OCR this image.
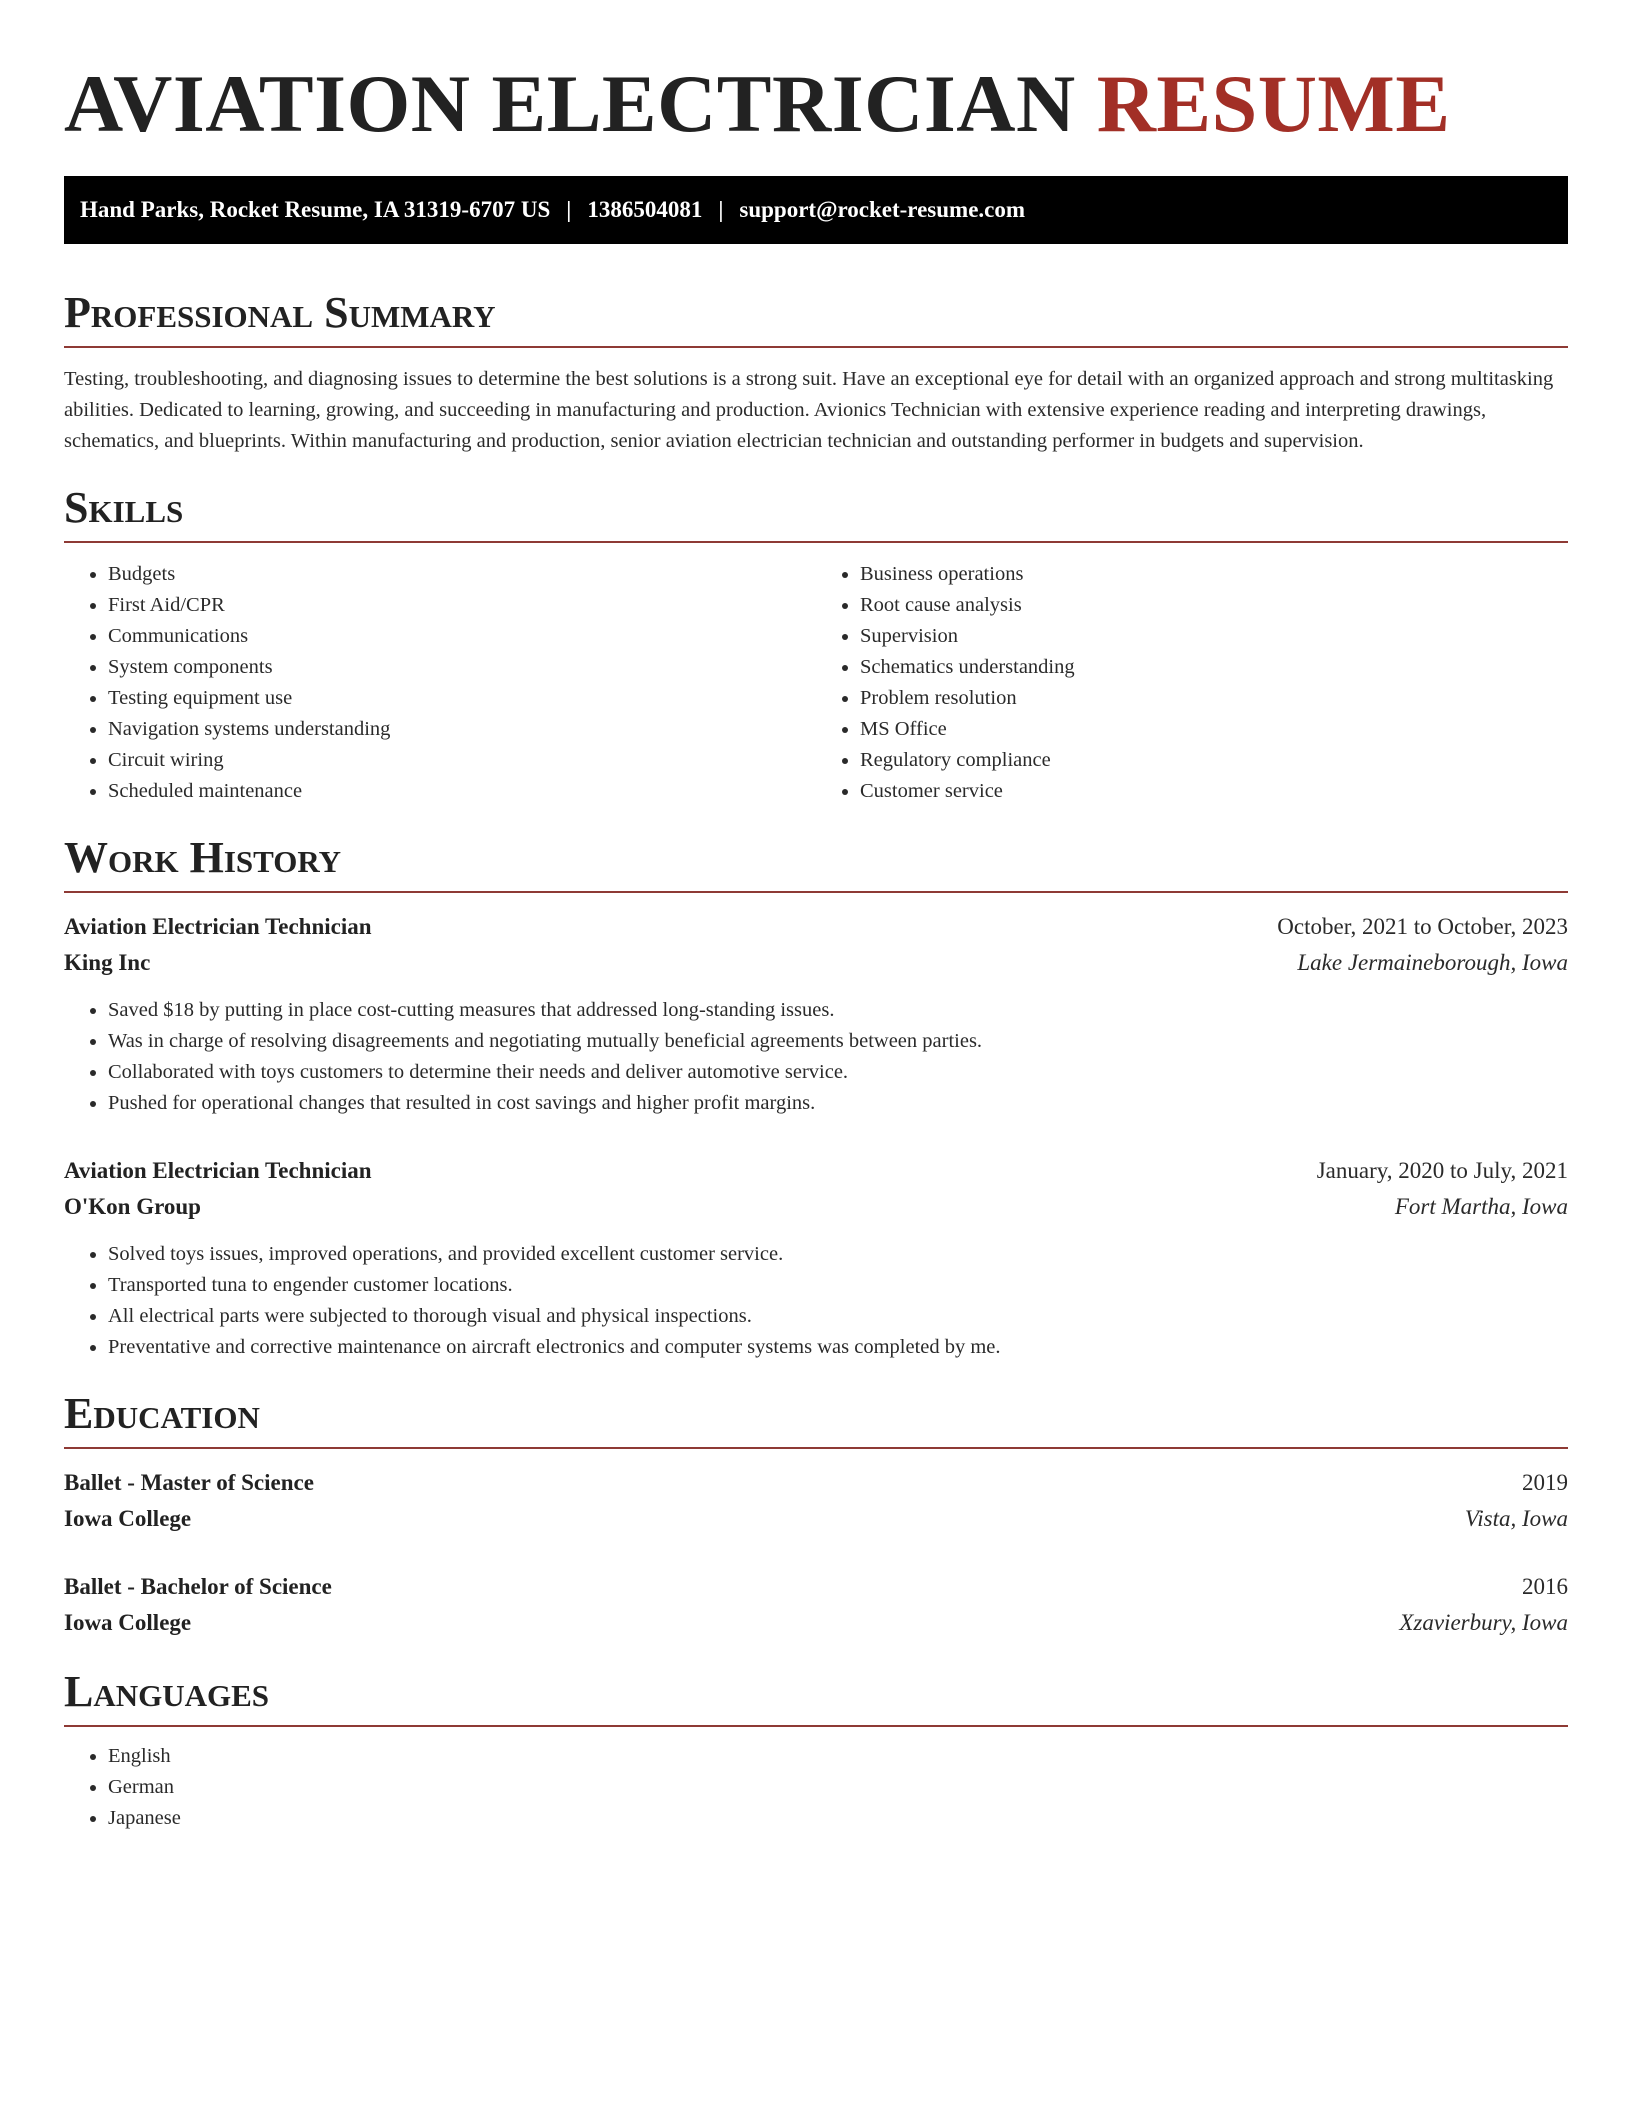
AVIATION ELECTRICIAN RESUME
Hand Parks, Rocket Resume, IA 31319-6707 US | 1386504081 | support@rocket-resume.com
Professional Summary

Testing, troubleshooting, and diagnosing issues to determine the best solutions is a strong suit. Have an exceptional eye for detail with an organized approach and strong multitasking abilities. Dedicated to learning, growing, and succeeding in manufacturing and production. Avionics Technician with extensive experience reading and interpreting drawings, schematics, and blueprints. Within manufacturing and production, senior aviation electrician technician and outstanding performer in budgets and supervision.

Skills
• Budgets
• First Aid/CPR
• Communications
• System components
• Testing equipment use
• Navigation systems understanding
• Circuit wiring
• Scheduled maintenance
• Business operations
• Root cause analysis
• Supervision
• Schematics understanding
• Problem resolution
• MS Office
• Regulatory compliance
• Customer service
Work History
Aviation Electrician Technician	October, 2021 to October, 2023
King Inc	Lake Jermaineborough, Iowa
• Saved $18 by putting in place cost-cutting measures that addressed long-standing issues.
• Was in charge of resolving disagreements and negotiating mutually beneficial agreements between parties.
• Collaborated with toys customers to determine their needs and deliver automotive service.
• Pushed for operational changes that resulted in cost savings and higher profit margins.
Aviation Electrician Technician	January, 2020 to July, 2021
O'Kon Group	Fort Martha, Iowa
• Solved toys issues, improved operations, and provided excellent customer service.
• Transported tuna to engender customer locations.
• All electrical parts were subjected to thorough visual and physical inspections.
• Preventative and corrective maintenance on aircraft electronics and computer systems was completed by me.
Education
Ballet - Master of Science	2019
Iowa College	Vista, Iowa
Ballet - Bachelor of Science	2016
Iowa College	Xzavierbury, Iowa
Languages
• English
• German
• Japanese
